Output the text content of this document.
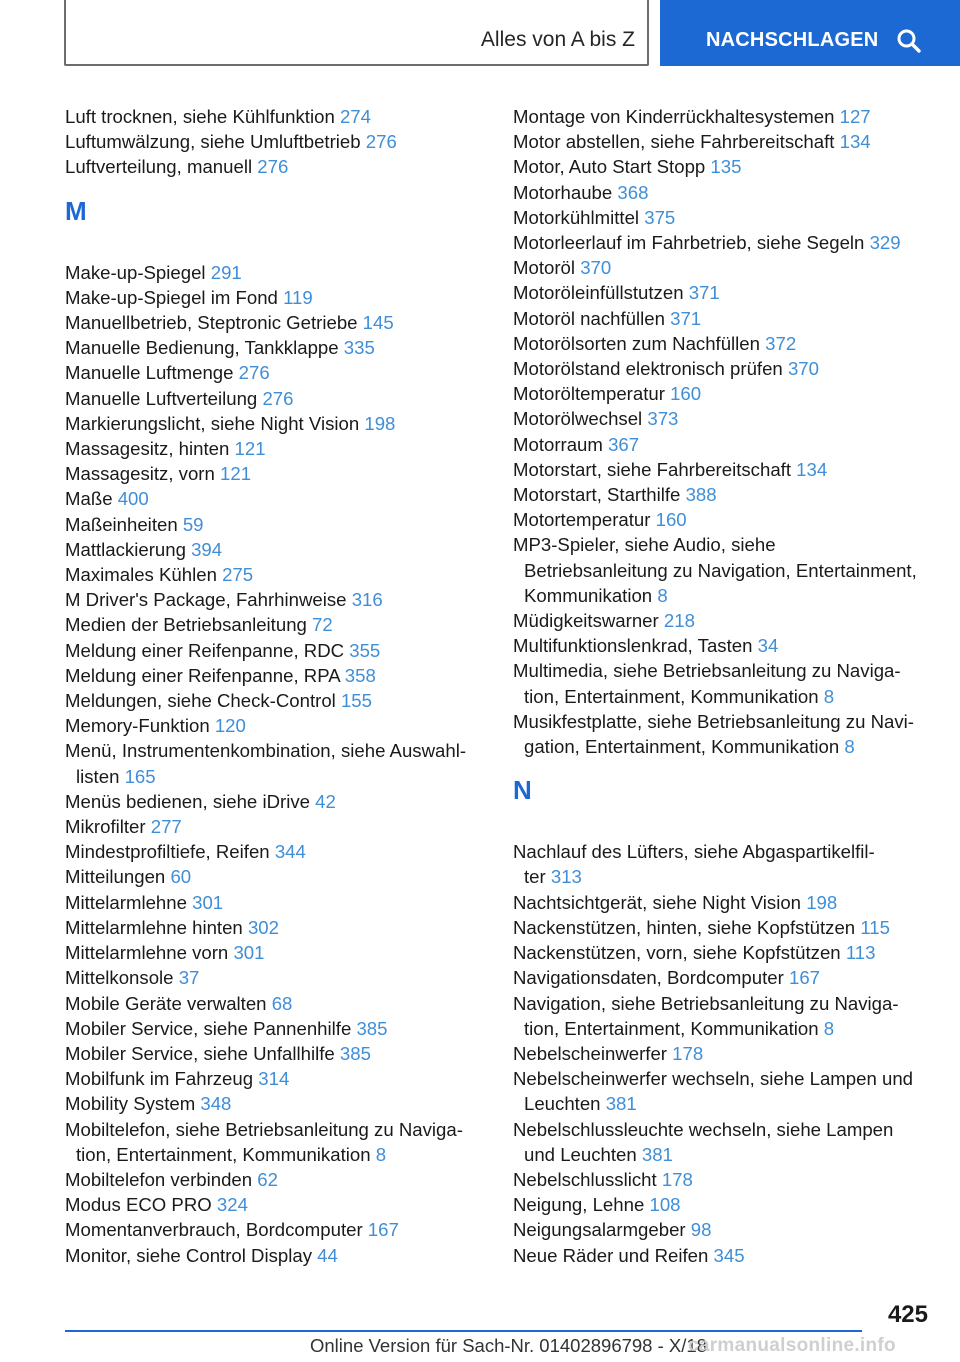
Alles von A bis Z	NACHSCHLAGEN
Luft trocknen, siehe Kühlfunktion 274
Luftumwälzung, siehe Umluftbetrieb 276
Luftverteilung, manuell 276
M
Make-up-Spiegel 291
Make-up-Spiegel im Fond 119
Manuellbetrieb, Steptronic Getriebe 145
Manuelle Bedienung, Tankklappe 335
Manuelle Luftmenge 276
Manuelle Luftverteilung 276
Markierungslicht, siehe Night Vision 198
Massagesitz, hinten 121
Massagesitz, vorn 121
Maße 400
Maßeinheiten 59
Mattlackierung 394
Maximales Kühlen 275
M Driver's Package, Fahrhinweise 316
Medien der Betriebsanleitung 72
Meldung einer Reifenpanne, RDC 355
Meldung einer Reifenpanne, RPA 358
Meldungen, siehe Check-Control 155
Memory-Funktion 120
Menü, Instrumentenkombination, siehe Auswahl-
listen 165
Menüs bedienen, siehe iDrive 42
Mikrofilter 277
Mindestprofiltiefe, Reifen 344
Mitteilungen 60
Mittelarmlehne 301
Mittelarmlehne hinten 302
Mittelarmlehne vorn 301
Mittelkonsole 37
Mobile Geräte verwalten 68
Mobiler Service, siehe Pannenhilfe 385
Mobiler Service, siehe Unfallhilfe 385
Mobilfunk im Fahrzeug 314
Mobility System 348
Mobiltelefon, siehe Betriebsanleitung zu Naviga-
tion, Entertainment, Kommunikation 8
Mobiltelefon verbinden 62
Modus ECO PRO 324
Momentanverbrauch, Bordcomputer 167
Monitor, siehe Control Display 44
Montage von Kinderrückhaltesystemen 127
Motor abstellen, siehe Fahrbereitschaft 134
Motor, Auto Start Stopp 135
Motorhaube 368
Motorkühlmittel 375
Motorleerlauf im Fahrbetrieb, siehe Segeln 329
Motoröl 370
Motoröleinfüllstutzen 371
Motoröl nachfüllen 371
Motorölsorten zum Nachfüllen 372
Motorölstand elektronisch prüfen 370
Motoröltemperatur 160
Motorölwechsel 373
Motorraum 367
Motorstart, siehe Fahrbereitschaft 134
Motorstart, Starthilfe 388
Motortemperatur 160
MP3-Spieler, siehe Audio, siehe
Betriebsanleitung zu Navigation, Entertainment,
Kommunikation 8
Müdigkeitswarner 218
Multifunktionslenkrad, Tasten 34
Multimedia, siehe Betriebsanleitung zu Naviga-
tion, Entertainment, Kommunikation 8
Musikfestplatte, siehe Betriebsanleitung zu Navi-
gation, Entertainment, Kommunikation 8
N
Nachlauf des Lüfters, siehe Abgaspartikelfil-
ter 313
Nachtsichtgerät, siehe Night Vision 198
Nackenstützen, hinten, siehe Kopfstützen 115
Nackenstützen, vorn, siehe Kopfstützen 113
Navigationsdaten, Bordcomputer 167
Navigation, siehe Betriebsanleitung zu Naviga-
tion, Entertainment, Kommunikation 8
Nebelscheinwerfer 178
Nebelscheinwerfer wechseln, siehe Lampen und
Leuchten 381
Nebelschlussleuchte wechseln, siehe Lampen
und Leuchten 381
Nebelschlusslicht 178
Neigung, Lehne 108
Neigungsalarmgeber 98
Neue Räder und Reifen 345
425
Online Version für Sach-Nr. 01402896798 - X/18
carmanualsonline.info
